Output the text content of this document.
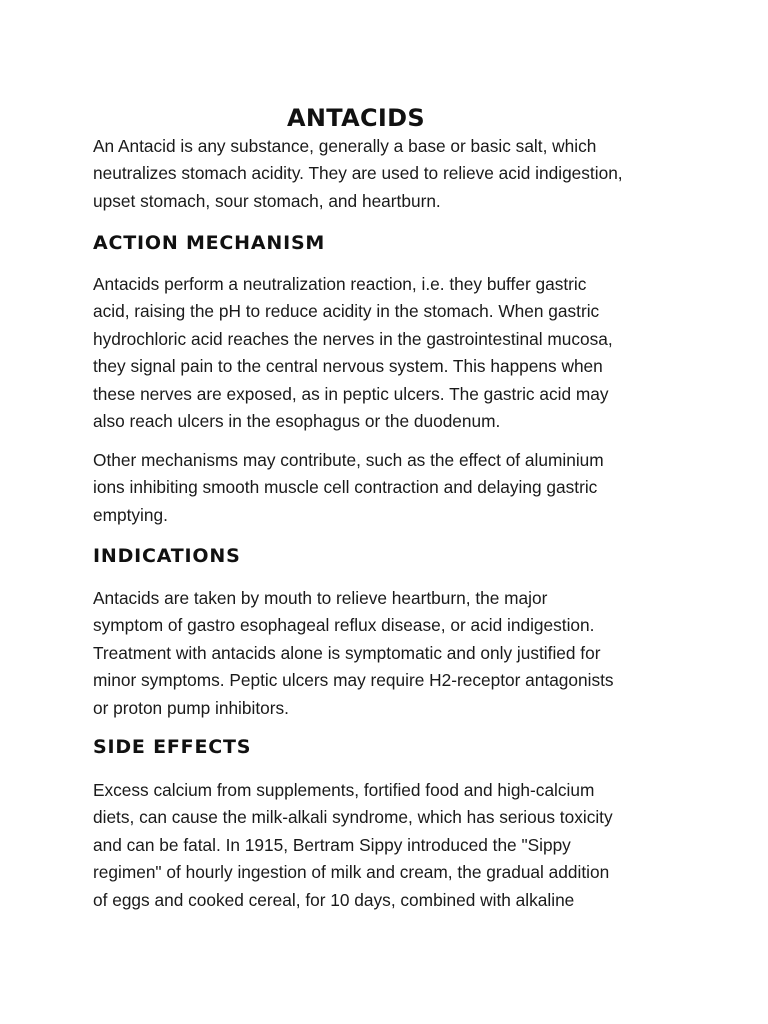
ANTACIDS

An Antacid is any substance, generally a base or basic salt, which
neutralizes stomach acidity. They are used to relieve acid indigestion,
upset stomach, sour stomach, and heartburn.

ACTION MECHANISM

Antacids perform a neutralization reaction, i.e. they buffer gastric
acid, raising the pH to reduce acidity in the stomach. When gastric
hydrochloric acid reaches the nerves in the gastrointestinal mucosa,
they signal pain to the central nervous system. This happens when
these nerves are exposed, as in peptic ulcers. The gastric acid may
also reach ulcers in the esophagus or the duodenum.

Other mechanisms may contribute, such as the effect of aluminium
ions inhibiting smooth muscle cell contraction and delaying gastric
emptying.

INDICATIONS

Antacids are taken by mouth to relieve heartburn, the major
symptom of gastro esophageal reflux disease, or acid indigestion.
Treatment with antacids alone is symptomatic and only justified for
minor symptoms. Peptic ulcers may require H2-receptor antagonists
or proton pump inhibitors.

SIDE EFFECTS

Excess calcium from supplements, fortified food and high-calcium
diets, can cause the milk-alkali syndrome, which has serious toxicity
and can be fatal. In 1915, Bertram Sippy introduced the "Sippy
regimen" of hourly ingestion of milk and cream, the gradual addition
of eggs and cooked cereal, for 10 days, combined with alkaline
